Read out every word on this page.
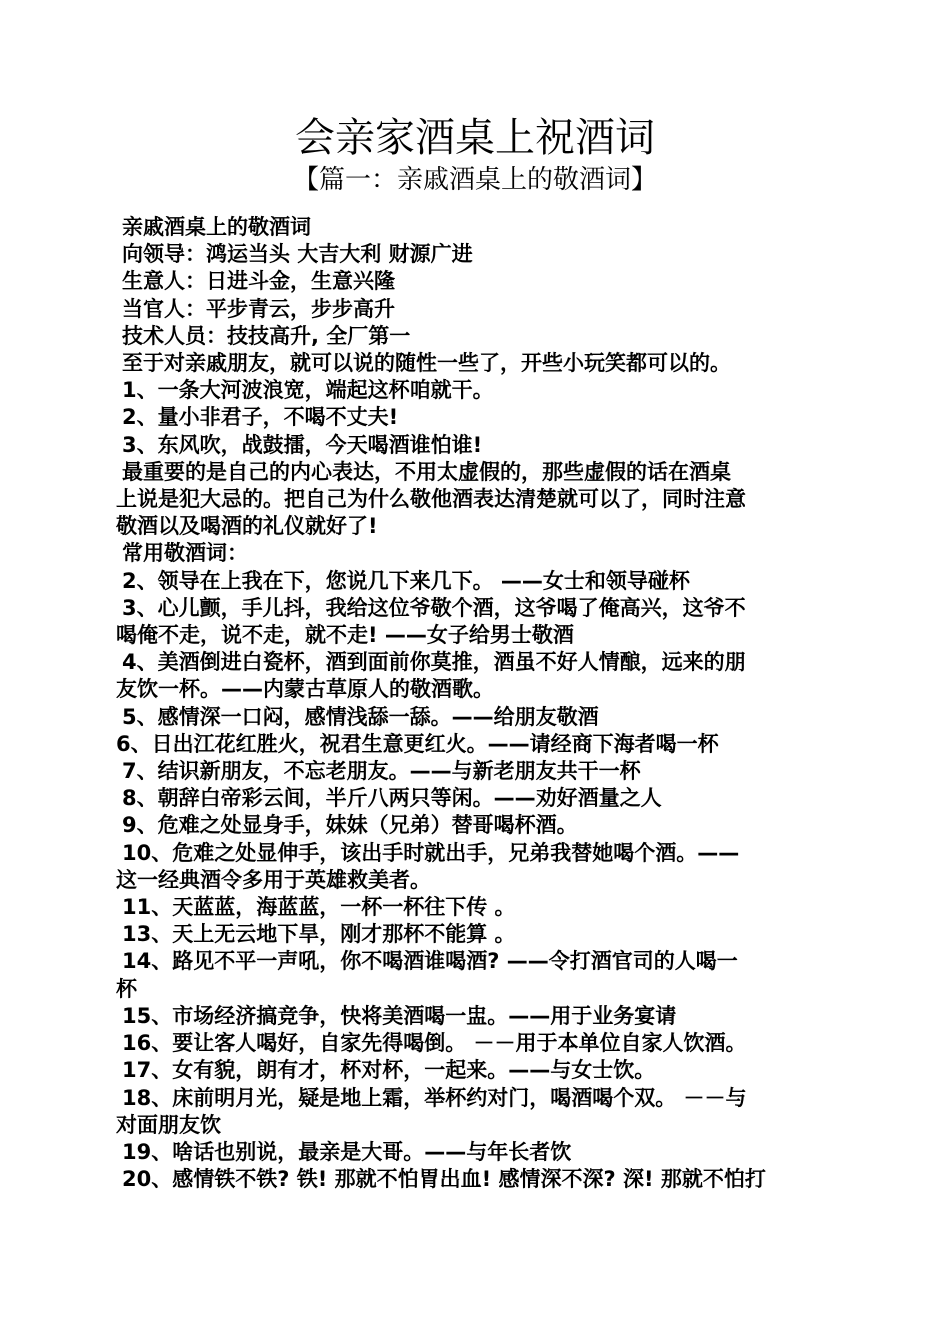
会亲家酒桌上祝酒词
【篇一：亲戚酒桌上的敬酒词】
亲戚酒桌上的敬酒词
向领导：鸿运当头 大吉大利 财源广进
生意人：日进斗金，生意兴隆
当官人：平步青云，步步高升
技术人员：技技高升, 全厂第一
至于对亲戚朋友，就可以说的随性一些了，开些小玩笑都可以的。
1、一条大河波浪宽，端起这杯咱就干。
2、量小非君子，不喝不丈夫!
3、东风吹，战鼓擂，今天喝酒谁怕谁!
最重要的是自己的内心表达，不用太虚假的，那些虚假的话在酒桌
上说是犯大忌的。把自己为什么敬他酒表达清楚就可以了，同时注意
敬酒以及喝酒的礼仪就好了!
常用敬酒词：
2、领导在上我在下，您说几下来几下。 ——女士和领导碰杯
3、心儿颤，手儿抖，我给这位爷敬个酒，这爷喝了俺高兴，这爷不
喝俺不走，说不走，就不走! ——女子给男士敬酒
4、美酒倒进白瓷杯，酒到面前你莫推，酒虽不好人情酿，远来的朋
友饮一杯。——内蒙古草原人的敬酒歌。
5、感情深一口闷，感情浅舔一舔。——给朋友敬酒
6、日出江花红胜火，祝君生意更红火。——请经商下海者喝一杯
7、结识新朋友，不忘老朋友。——与新老朋友共干一杯
8、朝辞白帝彩云间，半斤八两只等闲。——劝好酒量之人
9、危难之处显身手，妹妹（兄弟）替哥喝杯酒。
10、危难之处显伸手，该出手时就出手，兄弟我替她喝个酒。——
这一经典酒令多用于英雄救美者。
11、天蓝蓝，海蓝蓝，一杯一杯往下传 。
13、天上无云地下旱，刚才那杯不能算 。
14、路见不平一声吼，你不喝酒谁喝酒? ——令打酒官司的人喝一
杯
15、市场经济搞竞争，快将美酒喝一盅。——用于业务宴请
16、要让客人喝好，自家先得喝倒。 －－用于本单位自家人饮酒。
17、女有貌，朗有才，杯对杯，一起来。——与女士饮。
18、床前明月光，疑是地上霜，举杯约对门，喝酒喝个双。 －－与
对面朋友饮
19、啥话也别说，最亲是大哥。——与年长者饮
20、感情铁不铁? 铁! 那就不怕胃出血! 感情深不深? 深! 那就不怕打
